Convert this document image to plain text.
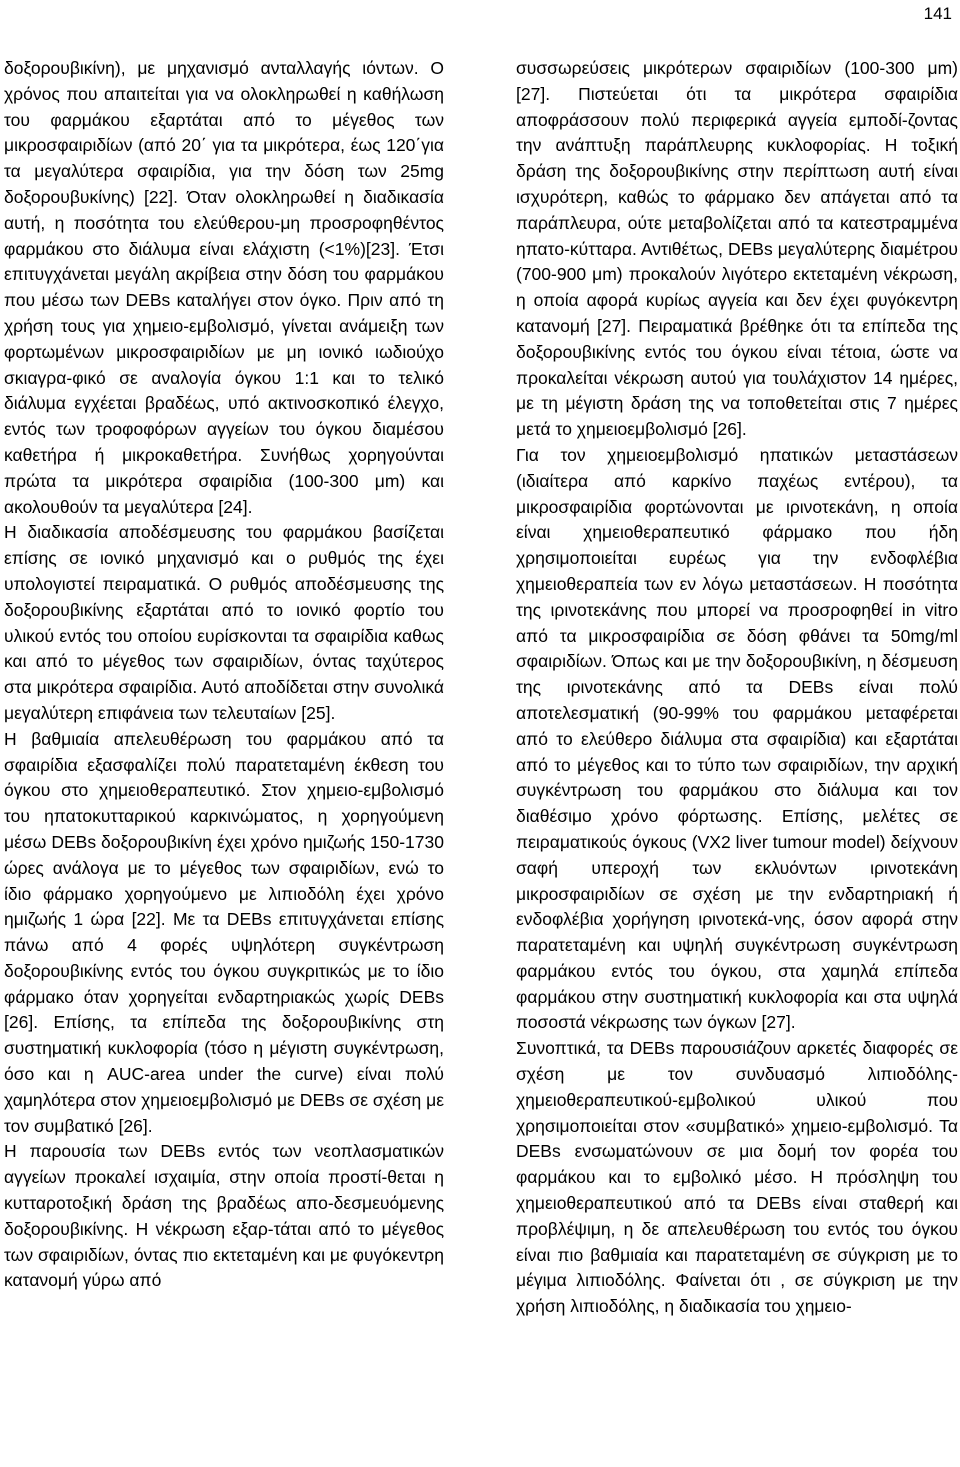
141

δοξορουβικίνη), με μηχανισμό ανταλλαγής ιόντων. Ο χρόνος που απαιτείται για να ολοκληρωθεί η καθήλωση του φαρμάκου εξαρτάται από το μέγεθος των μικροσφαιριδίων (από 20΄ για τα μικρότερα, έως 120΄για τα μεγαλύτερα σφαιρίδια, για την δόση των 25mg δοξορουβυκίνης) [22]. Όταν ολοκληρωθεί η διαδικασία αυτή, η ποσότητα του ελεύθερου-μη προσροφηθέντος φαρμάκου στο διάλυμα είναι ελάχιστη (<1%)[23]. Έτσι επιτυγχάνεται μεγάλη ακρίβεια στην δόση του φαρμάκου που μέσω των DEBs καταλήγει στον όγκο. Πριν από τη χρήση τους για χημειο-εμβολισμό, γίνεται ανάμειξη των φορτωμένων μικροσφαιριδίων με μη ιονικό ιωδιούχο σκιαγρα-φικό σε αναλογία όγκου 1:1 και το τελικό διάλυμα εγχέεται βραδέως, υπό ακτινοσκοπικό έλεγχο, εντός των τροφοφόρων αγγείων του όγκου διαμέσου καθετήρα ή μικροκαθετήρα. Συνήθως χορηγούνται πρώτα τα μικρότερα σφαιρίδια (100-300 μm) και ακολουθούν τα μεγαλύτερα [24].

Η διαδικασία αποδέσμευσης του φαρμάκου βασίζεται επίσης σε ιονικό μηχανισμό και ο ρυθμός της έχει υπολογιστεί πειραματικά. Ο ρυθμός αποδέσμευσης της δοξορουβικίνης εξαρτάται από το ιονικό φορτίο του υλικού εντός του οποίου ευρίσκονται τα σφαιρίδια καθως και από το μέγεθος των σφαιριδίων, όντας ταχύτερος στα μικρότερα σφαιρίδια. Αυτό αποδίδεται στην συνολικά μεγαλύτερη επιφάνεια των τελευταίων [25].

Η βαθμιαία απελευθέρωση του φαρμάκου από τα σφαιρίδια εξασφαλίζει πολύ παρατεταμένη έκθεση του όγκου στο χημειοθεραπευτικό. Στον χημειο-εμβολισμό του ηπατοκυτταρικού καρκινώματος, η χορηγούμενη μέσω DEBs δοξορουβικίνη έχει χρόνο ημιζωής 150-1730 ώρες ανάλογα με το μέγεθος των σφαιριδίων, ενώ το ίδιο φάρμακο χορηγούμενο με λιπιοδόλη έχει χρόνο ημιζωής 1 ώρα [22]. Με τα DEBs επιτυγχάνεται επίσης πάνω από 4 φορές υψηλότερη συγκέντρωση δοξορουβικίνης εντός του όγκου συγκριτικώς με το ίδιο φάρμακο όταν χορηγείται ενδαρτηριακώς χωρίς DEBs [26]. Επίσης, τα επίπεδα της δοξορουβικίνης στη συστηματική κυκλοφορία (τόσο η μέγιστη συγκέντρωση, όσο και η AUC-area under the curve) είναι πολύ χαμηλότερα στον χημειοεμβολισμό με DEBs σε σχέση με τον συμβατικό [26].

Η παρουσία των DEBs εντός των νεοπλασματικών αγγείων προκαλεί ισχαιμία, στην οποία προστί-θεται η κυτταροτοξική δράση της βραδέως απο-δεσμευόμενης δοξορουβικίνης. Η νέκρωση εξαρ-τάται από το μέγεθος των σφαιριδίων, όντας πιο εκτεταμένη και με φυγόκεντρη κατανομή γύρω από

συσσωρεύσεις μικρότερων σφαιριδίων (100-300 μm) [27]. Πιστεύεται ότι τα μικρότερα σφαιρίδια αποφράσσουν πολύ περιφερικά αγγεία εμποδί-ζοντας την ανάπτυξη παράπλευρης κυκλοφορίας. Η τοξική δράση της δοξορουβικίνης στην περίπτωση αυτή είναι ισχυρότερη, καθώς το φάρμακο δεν απάγεται από τα παράπλευρα, ούτε μεταβολίζεται από τα κατεστραμμένα ηπατο-κύτταρα. Αντιθέτως, DEBs μεγαλύτερης διαμέτρου (700-900 μm) προκαλούν λιγότερο εκτεταμένη νέκρωση, η οποία αφορά κυρίως αγγεία και δεν έχει φυγόκεντρη κατανομή [27]. Πειραματικά βρέθηκε ότι τα επίπεδα της δοξορουβικίνης εντός του όγκου είναι τέτοια, ώστε να προκαλείται νέκρωση αυτού για τουλάχιστον 14 ημέρες, με τη μέγιστη δράση της να τοποθετείται στις 7 ημέρες μετά το χημειοεμβολισμό [26].

Για τον χημειοεμβολισμό ηπατικών μεταστάσεων (ιδιαίτερα από καρκίνο παχέως εντέρου), τα μικροσφαιρίδια φορτώνονται με ιρινοτεκάνη, η οποία είναι χημειοθεραπευτικό φάρμακο που ήδη χρησιμοποιείται ευρέως για την ενδοφλέβια χημειοθεραπεία των εν λόγω μεταστάσεων. Η ποσότητα της ιρινοτεκάνης που μπορεί να προσροφηθεί in vitro από τα μικροσφαιρίδια σε δόση φθάνει τα 50mg/ml σφαιριδίων. Όπως και με την δοξορουβικίνη, η δέσμευση της ιρινοτεκάνης από τα DEBs είναι πολύ αποτελεσματική (90-99% του φαρμάκου μεταφέρεται από το ελεύθερο διάλυμα στα σφαιρίδια) και εξαρτάται από το μέγεθος και το τύπο των σφαιριδίων, την αρχική συγκέντρωση του φαρμάκου στο διάλυμα και τον διαθέσιμο χρόνο φόρτωσης. Επίσης, μελέτες σε πειραματικούς όγκους (VX2 liver tumour model) δείχνουν σαφή υπεροχή των εκλυόντων ιρινοτεκάνη μικροσφαιριδίων σε σχέση με την ενδαρτηριακή ή ενδοφλέβια χορήγηση ιρινοτεκά-νης, όσον αφορά στην παρατεταμένη και υψηλή συγκέντρωση συγκέντρωση φαρμάκου εντός του όγκου, στα χαμηλά επίπεδα φαρμάκου στην συστηματική κυκλοφορία και στα υψηλά ποσοστά νέκρωσης των όγκων [27].

Συνοπτικά, τα DEBs παρουσιάζουν αρκετές διαφορές σε σχέση με τον συνδυασμό λιπιοδόλης-χημειοθεραπευτικού-εμβολικού υλικού που χρησιμοποιείται στον «συμβατικό» χημειο-εμβολισμό. Τα DEBs ενσωματώνουν σε μια δομή τον φορέα του φαρμάκου και το εμβολικό μέσο. Η πρόσληψη του χημειοθεραπευτικού από τα DEBs είναι σταθερή και προβλέψιμη, η δε απελευθέρωση του εντός του όγκου είναι πιο βαθμιαία και παρατεταμένη σε σύγκριση με το μέγιμα λιπιοδόλης. Φαίνεται ότι , σε σύγκριση με την χρήση λιπιοδόλης, η διαδικασία του χημειο-
